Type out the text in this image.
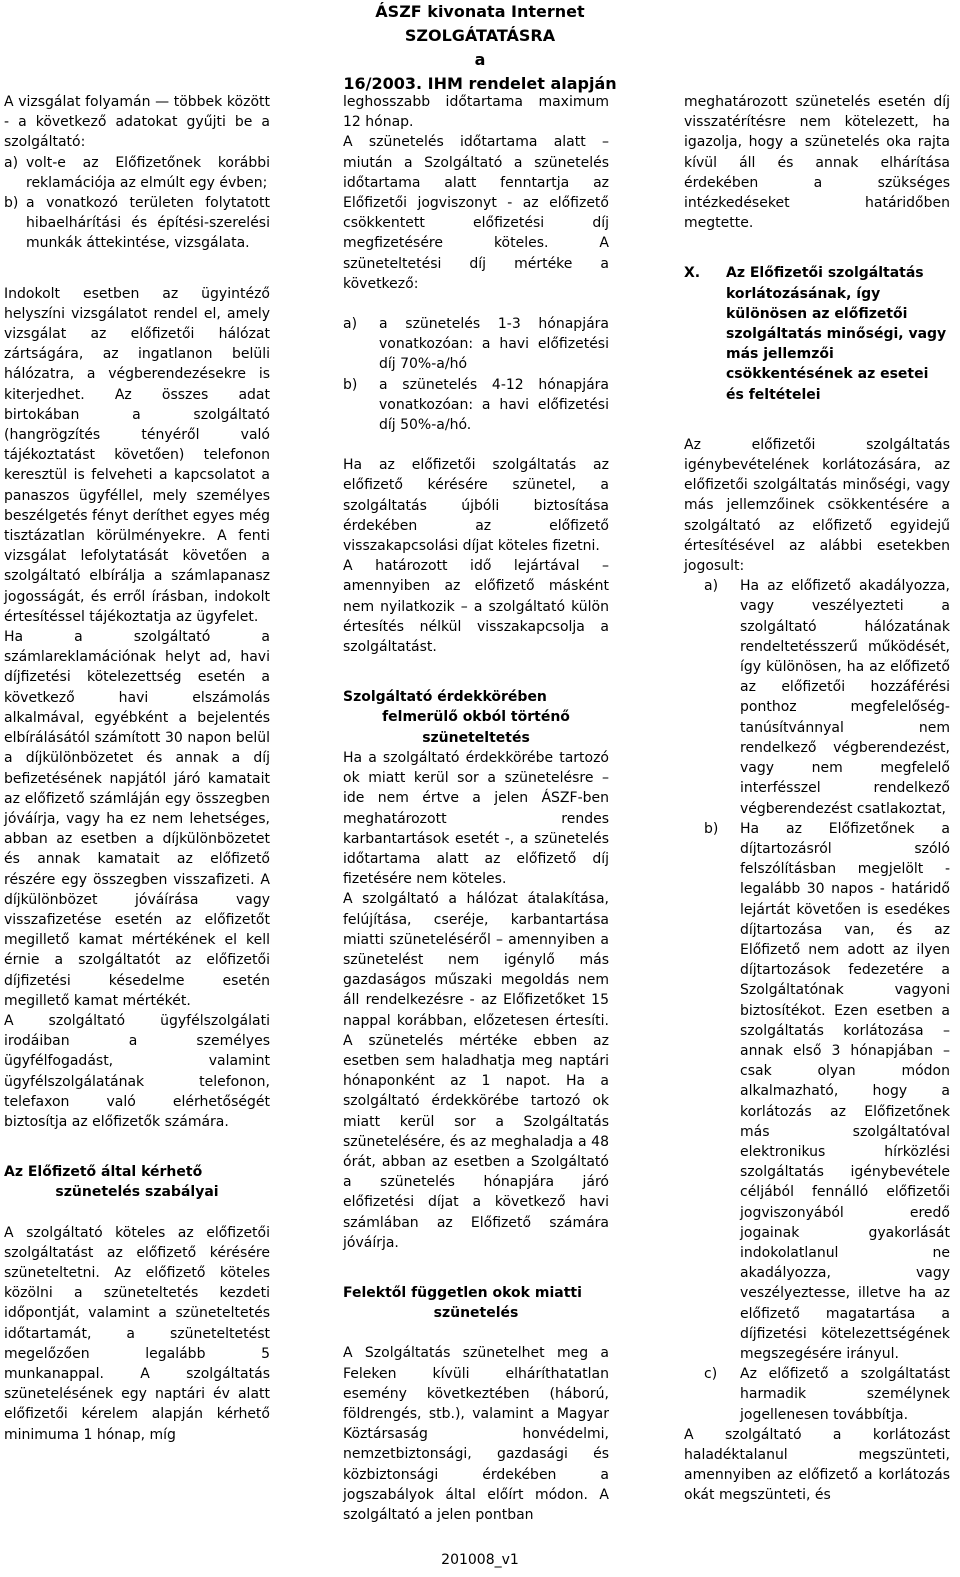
ÁSZF kivonata Internet SZOLGÁTATÁSRA
a
16/2003. IHM rendelet alapján

A vizsgálat folyamán — többek között - a következő adatokat gyűjti be a szolgáltató:

a) volt-e az Előfizetőnek korábbi reklamációja az elmúlt egy évben;
b) a vonatkozó területen folytatott hibaelhárítási és építési-szerelési munkák áttekintése, vizsgálata.

Indokolt esetben az ügyintéző helyszíni vizsgálatot rendel el, amely vizsgálat az előfizetői hálózat zártságára, az ingatlanon belüli hálózatra, a végberendezésekre is kiterjedhet. Az összes adat birtokában a szolgáltató (hangrögzítés tényéről való tájékoztatást követően) telefonon keresztül is felveheti a kapcsolatot a panaszos ügyféllel, mely személyes beszélgetés fényt deríthet egyes még tisztázatlan körülményekre. A fenti vizsgálat lefolytatását követően a szolgáltató elbírálja a számlapanasz jogosságát, és erről írásban, indokolt értesítéssel tájékoztatja az ügyfelet.

Ha a szolgáltató a számlareklamációnak helyt ad, havi díjfizetési kötelezettség esetén a következő havi elszámolás alkalmával, egyébként a bejelentés elbírálásától számított 30 napon belül a díjkülönbözetet és annak a díj befizetésének napjától járó kamatait az előfizető számláján egy összegben jóváírja, vagy ha ez nem lehetséges, abban az esetben a díjkülönbözetet és annak kamatait az előfizető részére egy összegben visszafizeti. A díjkülönbözet jóváírása vagy visszafizetése esetén az előfizetőt megillető kamat mértékének el kell érnie a szolgáltatót az előfizetői díjfizetési késedelme esetén megillető kamat mértékét.

A szolgáltató ügyfélszolgálati irodáiban a személyes ügyfélfogadást, valamint ügyfélszolgálatának telefonon, telefaxon való elérhetőségét biztosítja az előfizetők számára.

Az Előfizető által kérhető
szünetelés szabályai

A szolgáltató köteles az előfizetői szolgáltatást az előfizető kérésére szüneteltetni. Az előfizető köteles közölni a szüneteltetés kezdeti időpontját, valamint a szüneteltetés időtartamát, a szüneteltetést megelőzően legalább 5 munkanappal. A szolgáltatás szünetelésének egy naptári év alatt előfizetői kérelem alapján kérhető minimuma 1 hónap, míg

leghosszabb időtartama maximum 12 hónap.

A szünetelés időtartama alatt – miután a Szolgáltató a szünetelés időtartama alatt fenntartja az Előfizetői jogviszonyt - az előfizető csökkentett előfizetési díj megfizetésére köteles. A szüneteltetési díj mértéke a következő:

a)	a szünetelés 1-3 hónapjára vonatkozóan: a havi előfizetési díj 70%-a/hó
b)	a szünetelés 4-12 hónapjára vonatkozóan: a havi előfizetési díj 50%-a/hó.

Ha az előfizetői szolgáltatás az előfizető kérésére szünetel, a szolgáltatás újbóli biztosítása érdekében az előfizető visszakapcsolási díjat köteles fizetni.

A határozott idő lejártával – amennyiben az előfizető másként nem nyilatkozik – a szolgáltató külön értesítés nélkül visszakapcsolja a szolgáltatást.

Szolgáltató érdekkörében
felmerülő okból történő
szüneteltetés

Ha a szolgáltató érdekkörébe tartozó ok miatt kerül sor a szünetelésre – ide nem értve a jelen ÁSZF-ben meghatározott rendes karbantartások esetét -, a szünetelés időtartama alatt az előfizető díj fizetésére nem köteles.

A szolgáltató a hálózat átalakítása, felújítása, cseréje, karbantartása miatti szüneteléséről – amennyiben a szünetelést nem igénylő más gazdaságos műszaki megoldás nem áll rendelkezésre - az Előfizetőket 15 nappal korábban, előzetesen értesíti. A szünetelés mértéke ebben az esetben sem haladhatja meg naptári hónaponként az 1 napot. Ha a szolgáltató érdekkörébe tartozó ok miatt kerül sor a Szolgáltatás szünetelésére, és az meghaladja a 48 órát, abban az esetben a Szolgáltató a szünetelés hónapjára járó előfizetési díjat a következő havi számlában az Előfizető számára jóváírja.

Felektől független okok miatti
szünetelés

A Szolgáltatás szünetelhet meg a Feleken kívüli elháríthatatlan esemény következtében (háború, földrengés, stb.), valamint a Magyar Köztársaság honvédelmi, nemzetbiztonsági, gazdasági és közbiztonsági érdekében a jogszabályok által előírt módon. A szolgáltató a jelen pontban

meghatározott szünetelés esetén díj visszatérítésre nem kötelezett, ha igazolja, hogy a szünetelés oka rajta kívül áll és annak elhárítása érdekében a szükséges intézkedéseket határidőben megtette.

X.	Az Előfizetői szolgáltatás korlátozásának, így különösen az előfizetői szolgáltatás minőségi, vagy más jellemzői csökkentésének az esetei és feltételei

Az előfizetői szolgáltatás igénybevételének korlátozására, az előfizetői szolgáltatás minőségi, vagy más jellemzőinek csökkentésére a szolgáltató az előfizető egyidejű értesítésével az alábbi esetekben jogosult:

a)	Ha az előfizető akadályozza, vagy veszélyezteti a szolgáltató hálózatának rendeltetésszerű működését, így különösen, ha az előfizető az előfizetői hozzáférési ponthoz megfelelőség-tanúsítvánnyal nem rendelkező végberendezést, vagy nem megfelelő interfésszel rendelkező végberendezést csatlakoztat,
b)	Ha az Előfizetőnek a díjtartozásról szóló felszólításban megjelölt - legalább 30 napos - határidő lejártát követően is esedékes díjtartozása van, és az Előfizető nem adott az ilyen díjtartozások fedezetére a Szolgáltatónak vagyoni biztosítékot. Ezen esetben a szolgáltatás korlátozása – annak első 3 hónapjában – csak olyan módon alkalmazható, hogy a korlátozás az Előfizetőnek más szolgáltatóval elektronikus hírközlési szolgáltatás igénybevétele céljából fennálló előfizetői jogviszonyából eredő jogainak gyakorlását indokolatlanul ne akadályozza, vagy veszélyeztesse, illetve ha az előfizető magatartása a díjfizetési kötelezettségének megszegésére irányul.
c)	Az előfizető a szolgáltatást harmadik személynek jogellenesen továbbítja.

A szolgáltató a korlátozást haladéktalanul megszünteti, amennyiben az előfizető a korlátozás okát megszünteti, és

201008_v1
